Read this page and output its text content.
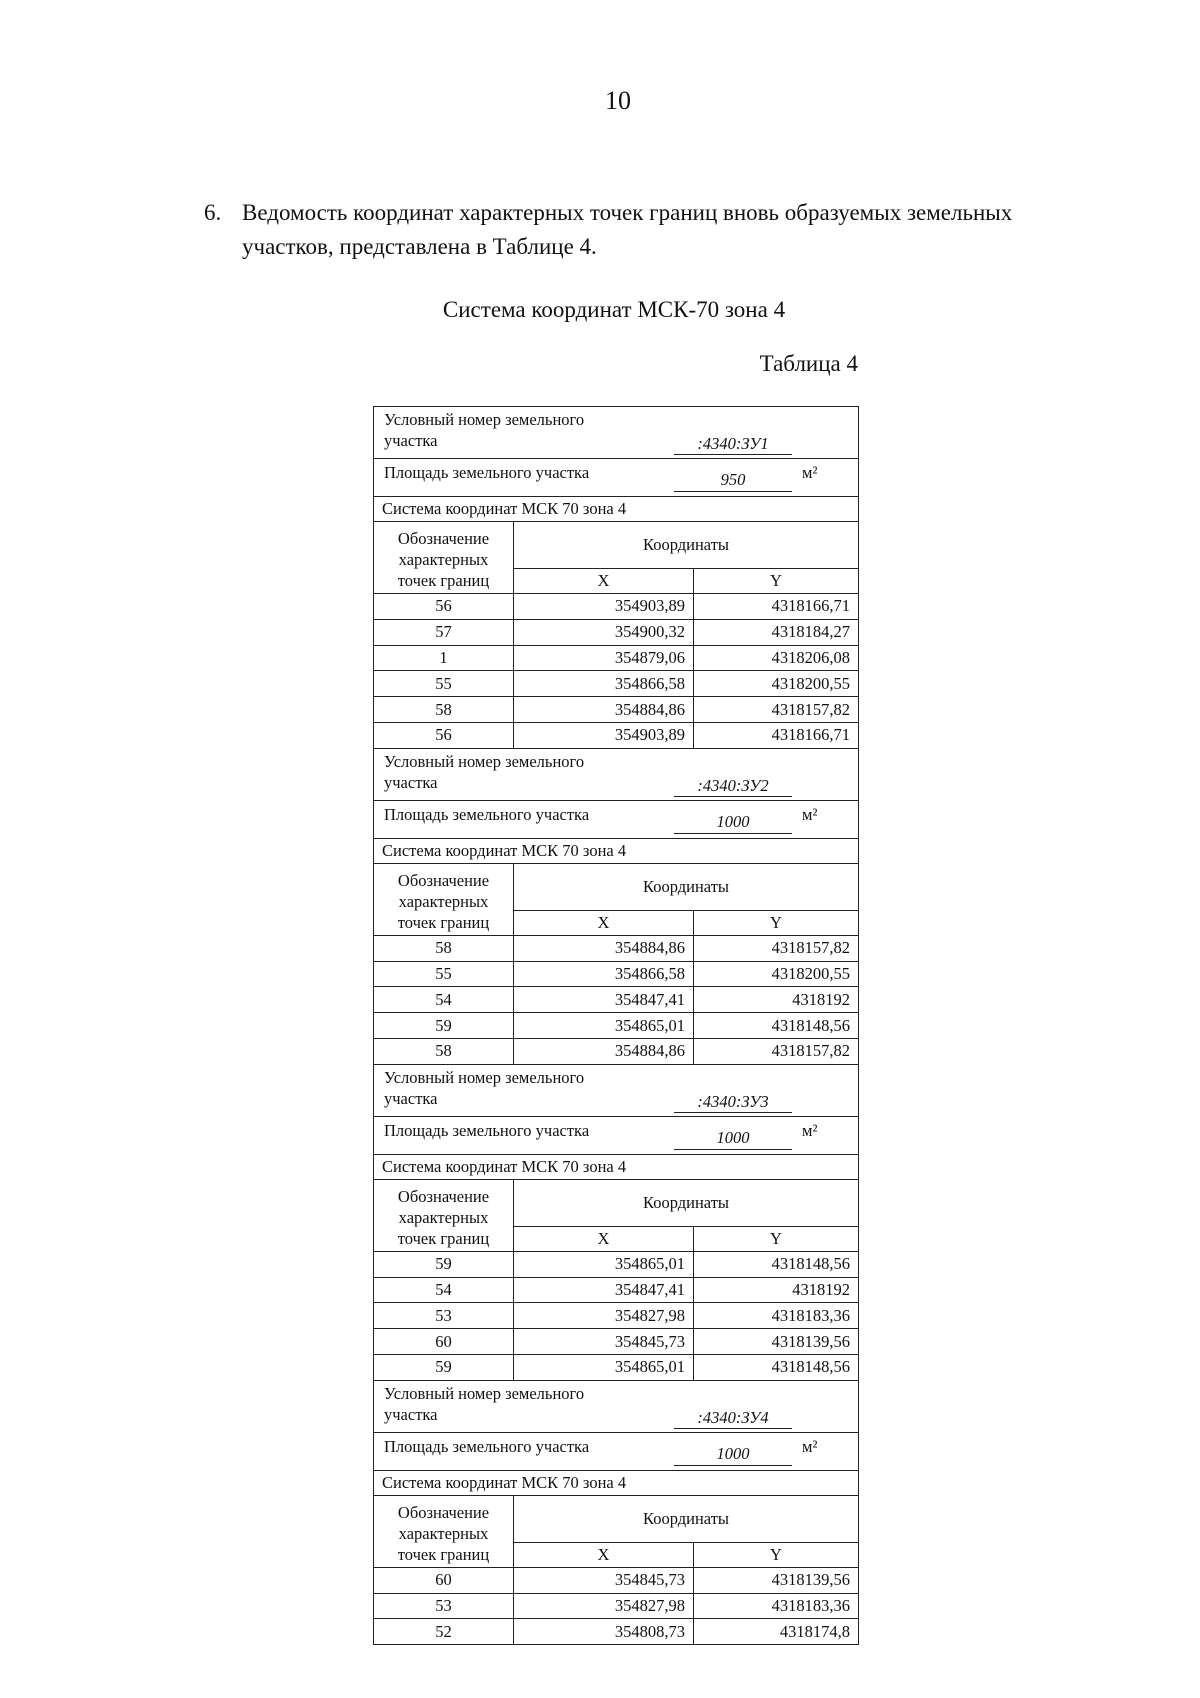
10
6. Ведомость координат характерных точек границ вновь образуемых земельных участков, представлена в Таблице 4.
Система координат МСК-70 зона 4
Таблица 4
Условный номер земельного участка :4340:ЗУ1		

Площадь земельного участка 950 м²		

Система координат МСК 70 зона 4		
Обозначение характерных точек границ	Координаты	
	X	Y
56	354903,89	4318166,71
57	354900,32	4318184,27
1	354879,06	4318206,08
55	354866,58	4318200,55
58	354884,86	4318157,82
56	354903,89	4318166,71

Условный номер земельного участка :4340:ЗУ2		

Площадь земельного участка 1000 м²		

Система координат МСК 70 зона 4		
Обозначение характерных точек границ	Координаты	
	X	Y
58	354884,86	4318157,82
55	354866,58	4318200,55
54	354847,41	4318192
59	354865,01	4318148,56
58	354884,86	4318157,82

Условный номер земельного участка :4340:ЗУ3		

Площадь земельного участка 1000 м²		

Система координат МСК 70 зона 4		
Обозначение характерных точек границ	Координаты	
	X	Y
59	354865,01	4318148,56
54	354847,41	4318192
53	354827,98	4318183,36
60	354845,73	4318139,56
59	354865,01	4318148,56

Условный номер земельного участка :4340:ЗУ4		

Площадь земельного участка 1000 м²		

Система координат МСК 70 зона 4		
Обозначение характерных точек границ	Координаты	
	X	Y
60	354845,73	4318139,56
53	354827,98	4318183,36
52	354808,73	4318174,8
